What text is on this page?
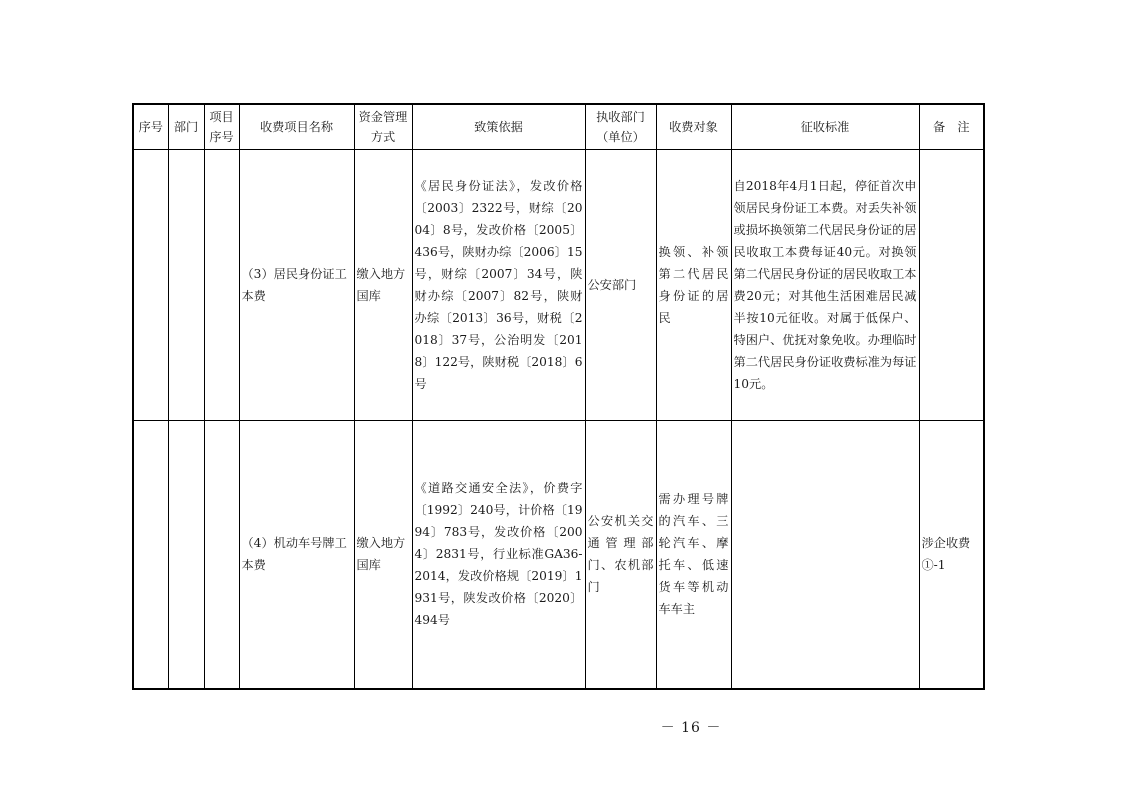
序号	部门	项目序号	收费项目名称	资金管理方式	致策依据	执收部门（单位）	收费对象	征收标准	备　注
			（3）居民身份证工本费	缴入地方国库	《居民身份证法》，发改价格〔2003〕2322号，财综〔2004〕8号，发改价格〔2005〕436号，陕财办综〔2006〕15号，财综〔2007〕34号，陕财办综〔2007〕82号，陕财办综〔2013〕36号，财税〔2018〕37号，公治明发〔2018〕122号，陕财税〔2018〕6号	公安部门	换领、补领第二代居民身份证的居民	自2018年4月1日起，停征首次申领居民身份证工本费。对丢失补领或损坏换领第二代居民身份证的居民收取工本费每证40元。对换领第二代居民身份证的居民收取工本费20元；对其他生活困难居民减半按10元征收。对属于低保户、特困户、优抚对象免收。办理临时第二代居民身份证收费标准为每证10元。	
			（4）机动车号牌工本费	缴入地方国库	《道路交通安全法》，价费字〔1992〕240号，计价格〔1994〕783号，发改价格〔2004〕2831号，行业标准GA36-2014，发改价格规〔2019〕1931号，陕发改价格〔2020〕494号	公安机关交通管理部门、农机部门	需办理号牌的汽车、三轮汽车、摩托车、低速货车等机动车车主		涉企收费①-1
－ 16 －
